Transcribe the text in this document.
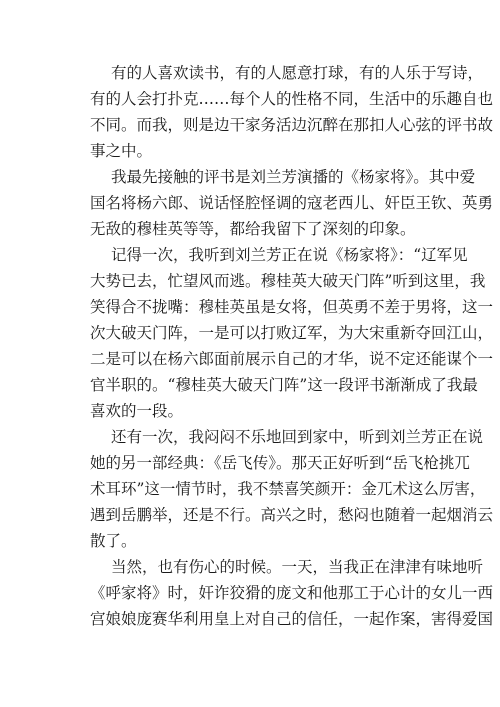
有的人喜欢读书，有的人愿意打球，有的人乐于写诗，
有的人会打扑克……每个人的性格不同，生活中的乐趣自也
不同。而我，则是边干家务活边沉醉在那扣人心弦的评书故
事之中。
我最先接触的评书是刘兰芳演播的《杨家将》。其中爱
国名将杨六郎、说话怪腔怪调的寇老西儿、奸臣王钦、英勇
无敌的穆桂英等等，都给我留下了深刻的印象。
记得一次，我听到刘兰芳正在说《杨家将》：“辽军见
大势已去，忙望风而逃。穆桂英大破天门阵”听到这里，我
笑得合不拢嘴：穆桂英虽是女将，但英勇不差于男将，这一
次大破天门阵，一是可以打败辽军，为大宋重新夺回江山，
二是可以在杨六郎面前展示自己的才华，说不定还能谋个一
官半职的。“穆桂英大破天门阵”这一段评书渐渐成了我最
喜欢的一段。
还有一次，我闷闷不乐地回到家中，听到刘兰芳正在说
她的另一部经典：《岳飞传》。那天正好听到“岳飞枪挑兀
术耳环”这一情节时，我不禁喜笑颜开：金兀术这么厉害，
遇到岳鹏举，还是不行。高兴之时，愁闷也随着一起烟消云
散了。
当然，也有伤心的时候。一天，当我正在津津有味地听
《呼家将》时，奸诈狡猾的庞文和他那工于心计的女儿一西
宫娘娘庞赛华利用皇上对自己的信任，一起作案，害得爱国
